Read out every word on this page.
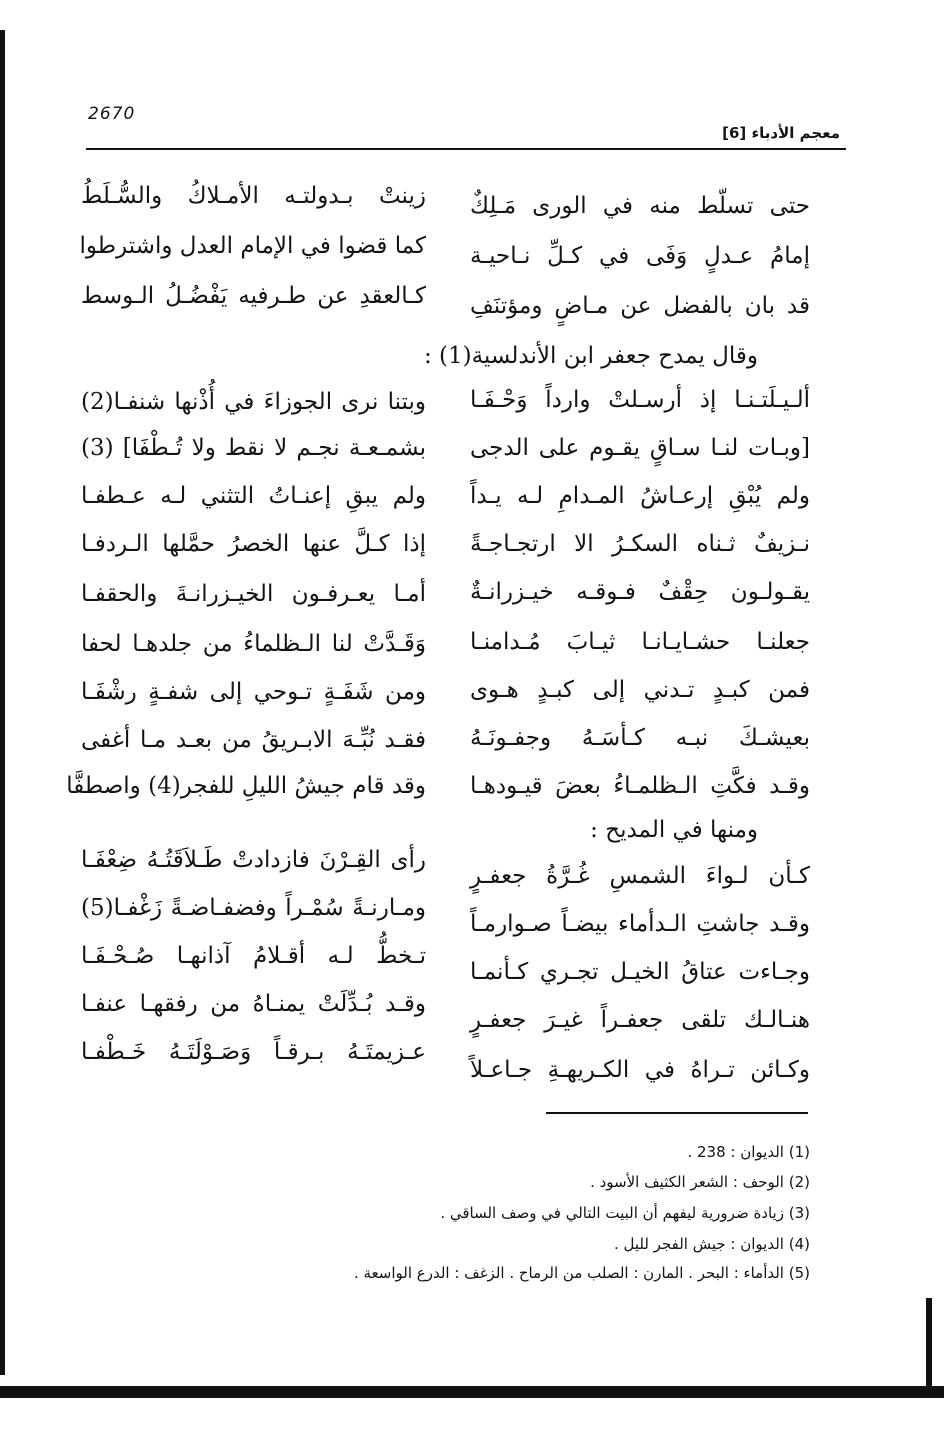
2670
معجم الأدباء [6]
حتى تسلّط منه في الورى مَـلِكٌ
إمامُ عـدلٍ وَفَى في كـلِّ نـاحيـة
قد بان بالفضل عن مـاضٍ ومؤتنَفِ
وقال يمدح جعفر ابن الأندلسية(1) :
ألـيـلَتـنـا إذ أرسـلتْ وارداً وَحْـفَـا
[وبـات لنـا سـاقٍ يقـوم على الدجى
ولم يُبْقِ إرعـاشُ المـدامِ لـه يـداً
نـزيفٌ ثـناه السكـرُ الا ارتجـاجـةً
يقـولـون حِقْفٌ فـوقـه خيـزرانـةٌ
جعلنـا حشـايـانـا ثيـابَ مُـدامنـا
فمن كبـدٍ تـدني إلى كبـدٍ هـوى
بعيشـكَ نبـه كـأسَـهُ وجفـونَـهُ
وقـد فكَّتِ الـظلمـاءُ بعضَ قيـودهـا
ومنها في المديح :
كـأن لـواءَ الشمسِ غُـرَّةُ جعفـرٍ
وقـد جاشتِ الـدأماء بيضـاً صـوارمـاً
وجـاءت عتاقُ الخيـل تجـري كـأنمـا
هنـالـك تلقى جعفـراً غيـرَ جعفـرٍ
وكـائن تـراهُ في الكـريهـةِ جـاعـلاً
زينتْ بـدولتـه الأمـلاكُ والسُّـلَطُ
كما قضوا في الإمام العدل واشترطوا
كـالعقدِ عن طـرفيه يَفْضُـلُ الـوسط
وبتنا نرى الجوزاءَ في أُذْنها شنفـا(2)
بشمـعـة نجـم لا نقط ولا تُـطْفَا] (3)
ولم يبقِ إعنـاتُ التثني لـه عـطفـا
إذا كـلَّ عنها الخصرُ حمَّلها الـردفـا
أمـا يعـرفـون الخيـزرانـةَ والحقفـا
وَقَـدَّتْ لنا الـظلماءُ من جلدهـا لحفا
ومن شَفَـةٍ تـوحي إلى شفـةٍ رشْفَـا
فقـد نُبِّـهَ الابـريقُ من بعـد مـا أغفى
وقد قام جيشُ الليلِ للفجر(4) واصطفَّا
رأى القِـرْنَ فازدادتْ طَـلاَقَتُـهُ ضِعْفَـا
ومـارنـةً سُمْـراً وفضفـاضـةً زَغْفـا(5)
تـخطُّ لـه أقـلامُ آذانهـا صُـحْـفَـا
وقـد بُـدِّلَتْ يمنـاهُ من رفقهـا عنفـا
عـزيمتَـهُ بـرقـاً وَصَـوْلَتَـهُ خَـطْفـا
(1) الديوان : 238 .
(2) الوحف : الشعر الكثيف الأسود .
(3) زيادة ضرورية ليفهم أن البيت التالي في وصف الساقي .
(4) الديوان : جيش الفجر لليل .
(5) الدأماء : البحر . المارن : الصلب من الرماح . الزغف : الدرع الواسعة .
